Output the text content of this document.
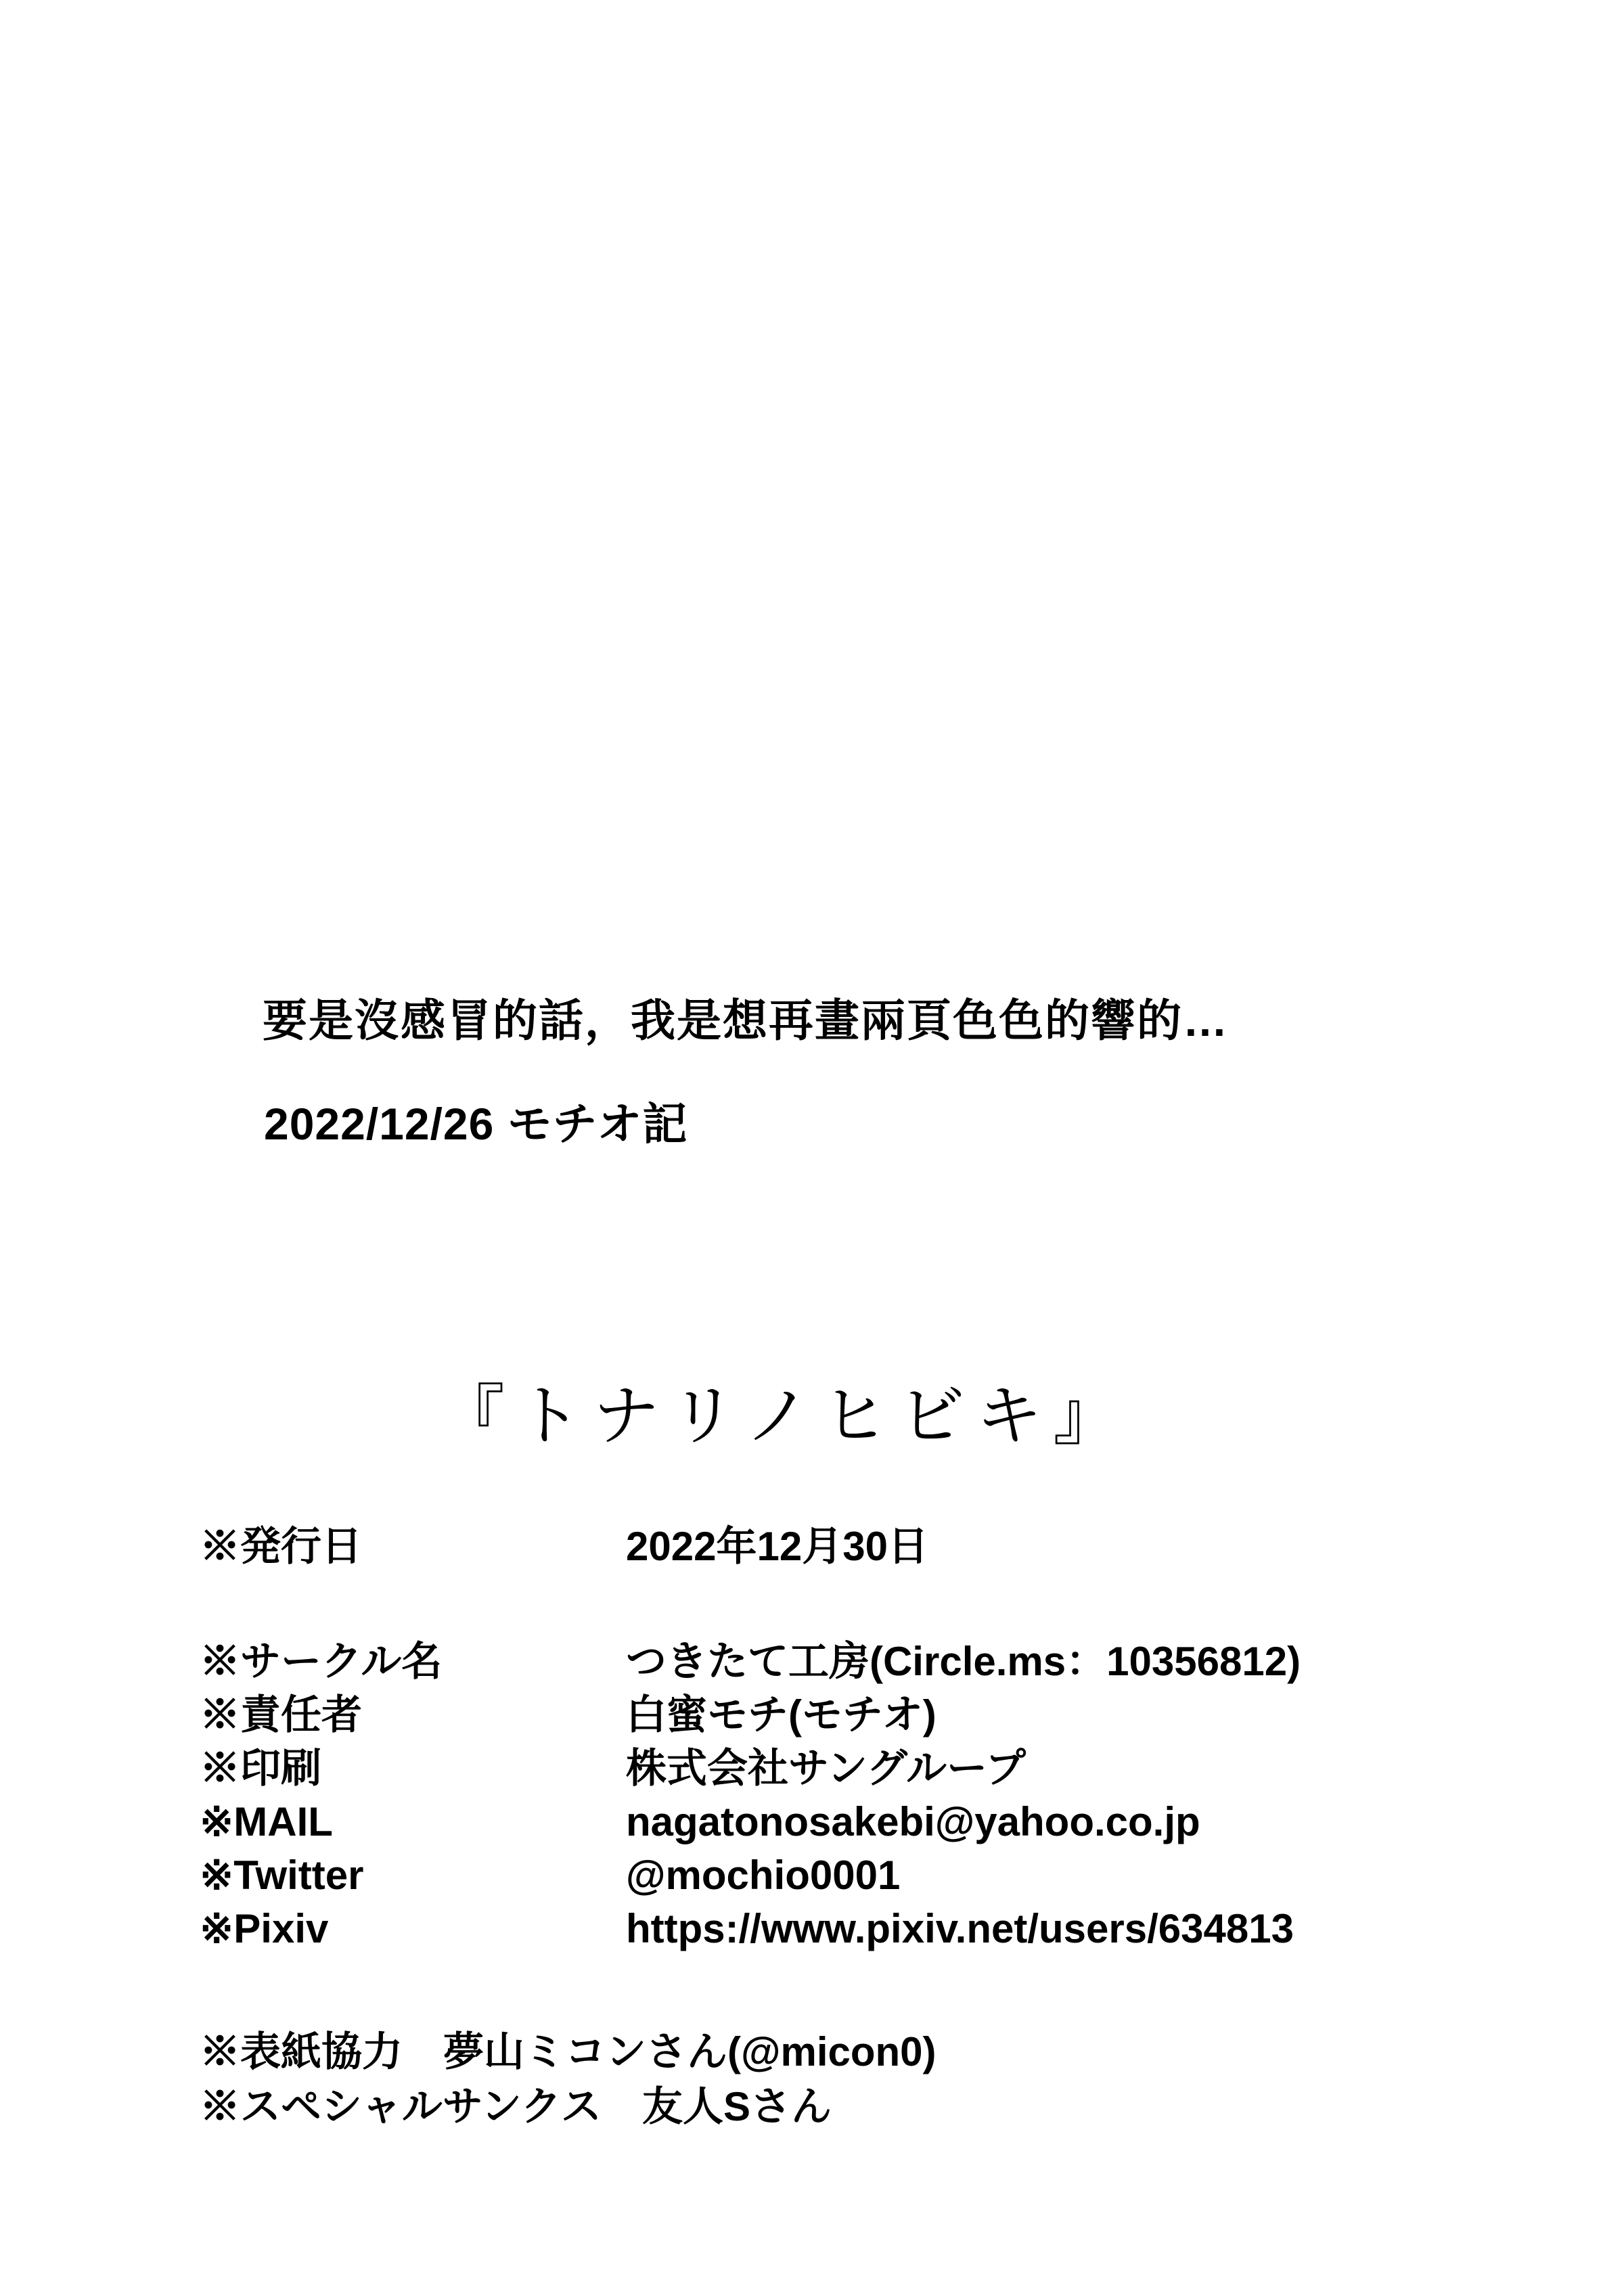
要是沒感冒的話，我是想再畫兩頁色色的響的…
2022/12/26 モチオ記
『トナリノヒビキ』
※発行日	2022年12月30日
※サークル名	つきたて工房(Circle.ms：10356812)
※責任者	白蜜モチ(モチオ)
※印刷	株式会社サングループ
※MAIL	nagatonosakebi@yahoo.co.jp
※Twitter	@mochio0001
※Pixiv	https://www.pixiv.net/users/634813
※表紙協力　夢山ミコンさん(@micon0)
※スペシャルサンクス　友人Sさん
